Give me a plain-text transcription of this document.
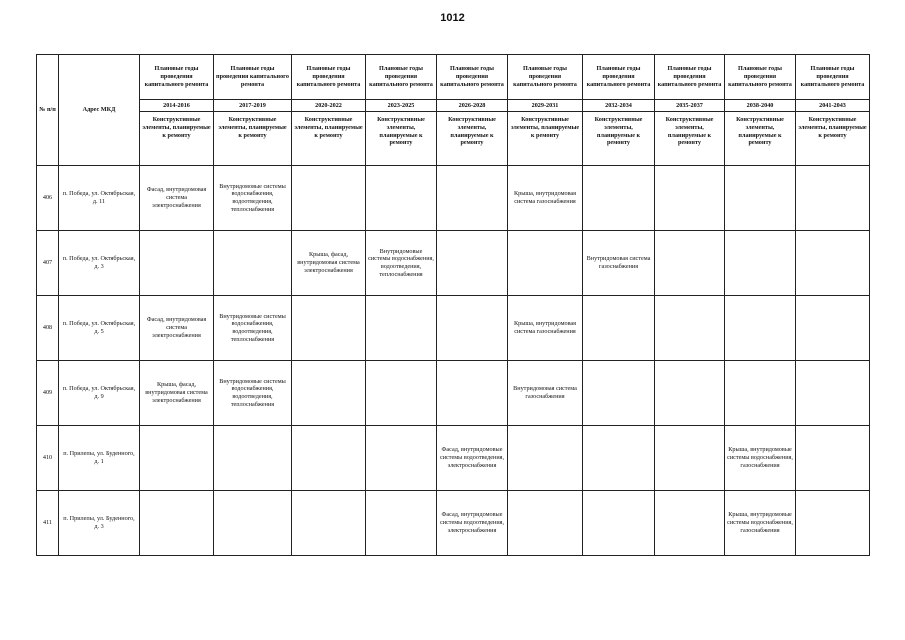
1012
№ п/п	Адрес МКД	Плановые годы проведения капитального ремонта	Плановые годы проведения капитального ремонта	Плановые годы проведения капитального ремонта	Плановые годы проведения капитального ремонта	Плановые годы проведения капитального ремонта	Плановые годы проведения капитального ремонта	Плановые годы проведения капитального ремонта	Плановые годы проведения капитального ремонта	Плановые годы проведения капитального ремонта	Плановые годы проведения капитального ремонта
		2014-2016	2017-2019	2020-2022	2023-2025	2026-2028	2029-2031	2032-2034	2035-2037	2038-2040	2041-2043
		Конструктивные элементы, планируемые к ремонту	Конструктивные элементы, планируемые к ремонту	Конструктивные элементы, планируемые к ремонту	Конструктивные элементы, планируемые к ремонту	Конструктивные элементы, планируемые к ремонту	Конструктивные элементы, планируемые к ремонту	Конструктивные элементы, планируемые к ремонту	Конструктивные элементы, планируемые к ремонту	Конструктивные элементы, планируемые к ремонту	Конструктивные элементы, планируемые к ремонту
406	п. Победа, ул. Октябрьская, д. 11	Фасад, внутридомовая система электроснабжения	Внутридомовые системы водоснабжения, водоотведения, теплоснабжения				Крыша, внутридомовая система газоснабжения				
407	п. Победа, ул. Октябрьская, д. 3			Крыша, фасад, внутридомовая система электроснабжения	Внутридомовые системы водоснабжения, водоотведения, теплоснабжения			Внутридомовая система газоснабжения			
408	п. Победа, ул. Октябрьская, д. 5	Фасад, внутридомовая система электроснабжения	Внутридомовые системы водоснабжения, водоотведения, теплоснабжения				Крыша, внутридомовая система газоснабжения				
409	п. Победа, ул. Октябрьская, д. 9	Крыша, фасад, внутридомовая система электроснабжения	Внутридомовые системы водоснабжения, водоотведения, теплоснабжения				Внутридомовая система газоснабжения				
410	п. Прилепы, ул. Буденного, д. 1					Фасад, внутридомовые системы водоотведения, электроснабжения				Крыша, внутридомовые системы водоснабжения, газоснабжения	
411	п. Прилепы, ул. Буденного, д. 3					Фасад, внутридомовые системы водоотведения, электроснабжения				Крыша, внутридомовые системы водоснабжения, газоснабжения	
